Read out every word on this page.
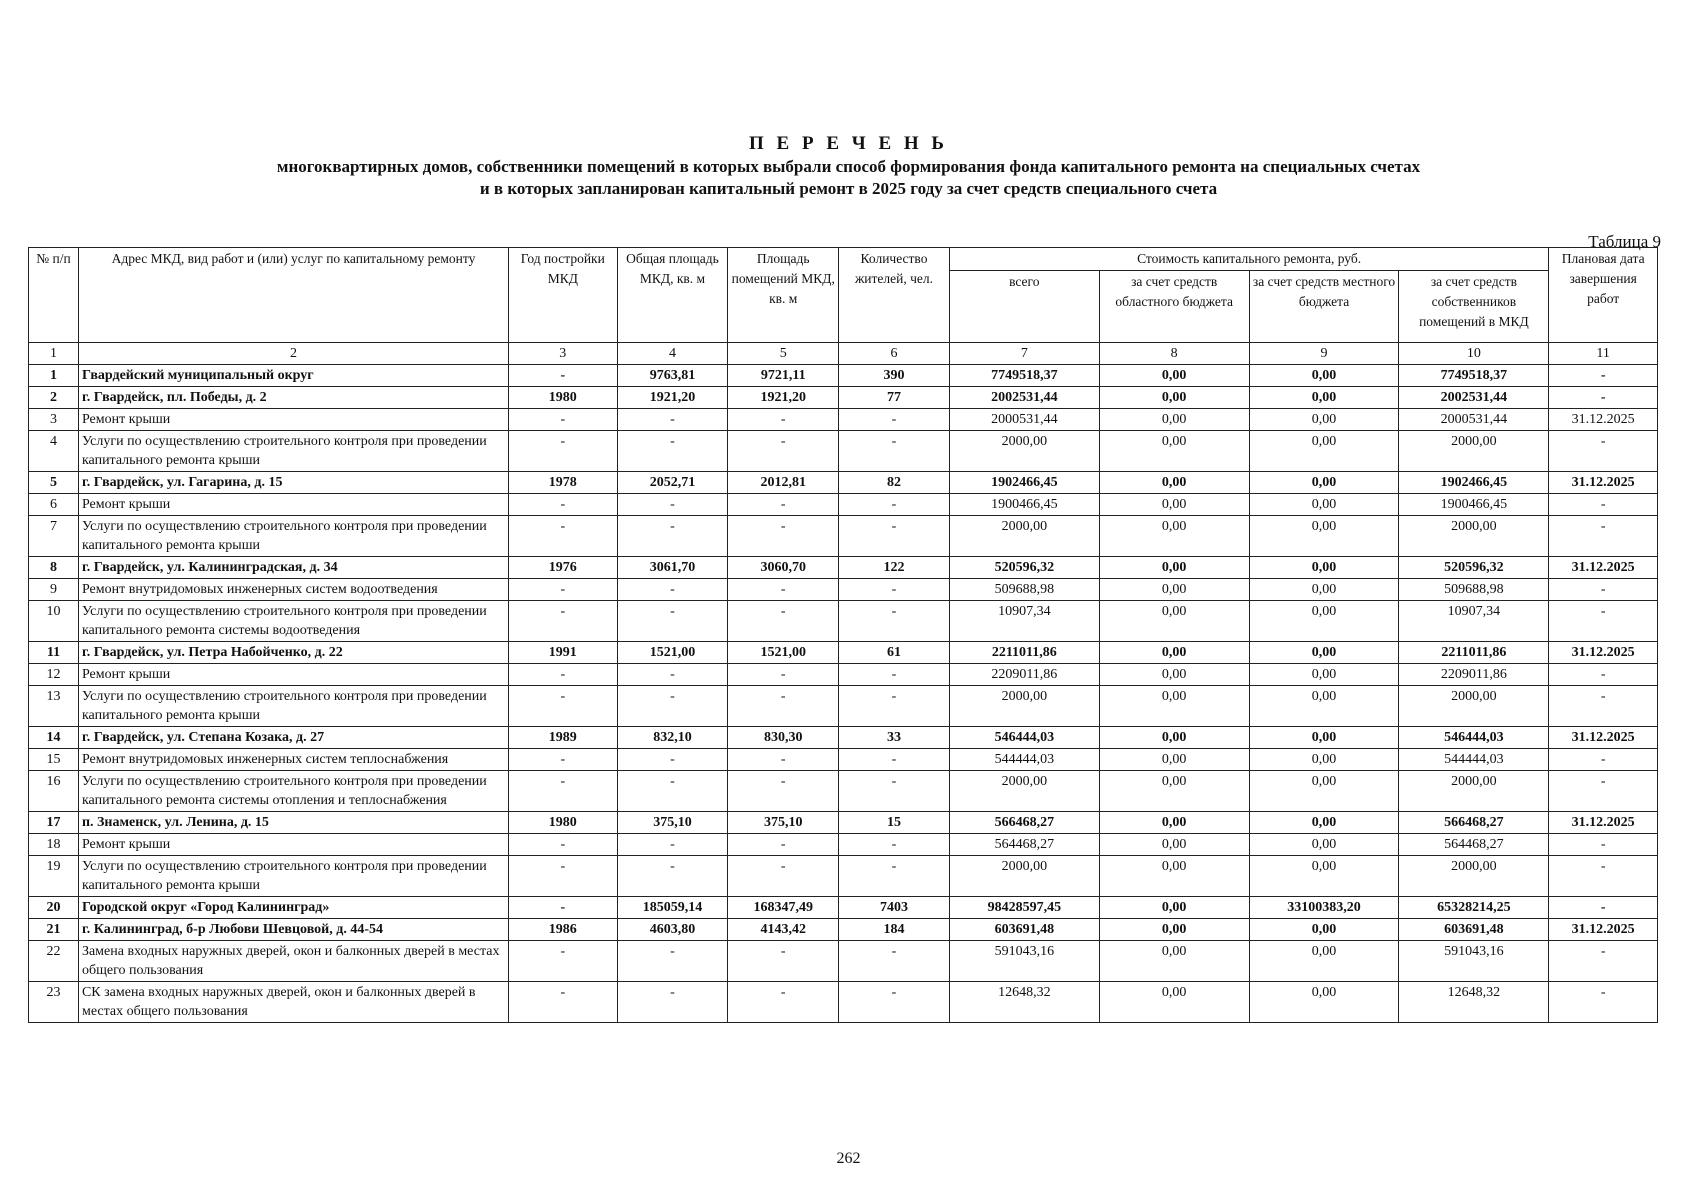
П Е Р Е Ч Е Н Ь

многоквартирных домов, собственники помещений в которых выбрали способ формирования фонда капитального ремонта на специальных счетах

и в которых запланирован капитальный ремонт в 2025 году за счет средств специального счета

Таблица 9
№ п/п	Адрес МКД, вид работ и (или) услуг по капитальному ремонту	Год постройки МКД	Общая площадь МКД, кв. м	Площадь помещений МКД, кв. м	Количество жителей, чел.	Стоимость капитального ремонта, руб.				Плановая дата завершения работ
						всего	за счет средств областного бюджета	за счет средств местного бюджета	за счет средств собственников помещений в МКД	
1	2	3	4	5	6	7	8	9	10	11
1	Гвардейский муниципальный округ	-	9763,81	9721,11	390	7749518,37	0,00	0,00	7749518,37	-
2	г. Гвардейск, пл. Победы, д. 2	1980	1921,20	1921,20	77	2002531,44	0,00	0,00	2002531,44	-
3	Ремонт крыши	-	-	-	-	2000531,44	0,00	0,00	2000531,44	31.12.2025
4	Услуги по осуществлению строительного контроля при проведении капитального ремонта крыши	-	-	-	-	2000,00	0,00	0,00	2000,00	-
5	г. Гвардейск, ул. Гагарина, д. 15	1978	2052,71	2012,81	82	1902466,45	0,00	0,00	1902466,45	31.12.2025
6	Ремонт крыши	-	-	-	-	1900466,45	0,00	0,00	1900466,45	-
7	Услуги по осуществлению строительного контроля при проведении капитального ремонта крыши	-	-	-	-	2000,00	0,00	0,00	2000,00	-
8	г. Гвардейск, ул. Калининградская, д. 34	1976	3061,70	3060,70	122	520596,32	0,00	0,00	520596,32	31.12.2025
9	Ремонт внутридомовых инженерных систем водоотведения	-	-	-	-	509688,98	0,00	0,00	509688,98	-
10	Услуги по осуществлению строительного контроля при проведении капитального ремонта системы водоотведения	-	-	-	-	10907,34	0,00	0,00	10907,34	-
11	г. Гвардейск, ул. Петра Набойченко, д. 22	1991	1521,00	1521,00	61	2211011,86	0,00	0,00	2211011,86	31.12.2025
12	Ремонт крыши	-	-	-	-	2209011,86	0,00	0,00	2209011,86	-
13	Услуги по осуществлению строительного контроля при проведении капитального ремонта крыши	-	-	-	-	2000,00	0,00	0,00	2000,00	-
14	г. Гвардейск, ул. Степана Козака, д. 27	1989	832,10	830,30	33	546444,03	0,00	0,00	546444,03	31.12.2025
15	Ремонт внутридомовых инженерных систем теплоснабжения	-	-	-	-	544444,03	0,00	0,00	544444,03	-
16	Услуги по осуществлению строительного контроля при проведении капитального ремонта системы отопления и теплоснабжения	-	-	-	-	2000,00	0,00	0,00	2000,00	-
17	п. Знаменск, ул. Ленина, д. 15	1980	375,10	375,10	15	566468,27	0,00	0,00	566468,27	31.12.2025
18	Ремонт крыши	-	-	-	-	564468,27	0,00	0,00	564468,27	-
19	Услуги по осуществлению строительного контроля при проведении капитального ремонта крыши	-	-	-	-	2000,00	0,00	0,00	2000,00	-
20	Городской округ «Город Калининград»	-	185059,14	168347,49	7403	98428597,45	0,00	33100383,20	65328214,25	-
21	г. Калининград, б-р Любови Шевцовой, д. 44-54	1986	4603,80	4143,42	184	603691,48	0,00	0,00	603691,48	31.12.2025
22	Замена входных наружных дверей, окон и балконных дверей в местах общего пользования	-	-	-	-	591043,16	0,00	0,00	591043,16	-
23	СК замена входных наружных дверей, окон и балконных дверей в местах общего пользования	-	-	-	-	12648,32	0,00	0,00	12648,32	-
262
